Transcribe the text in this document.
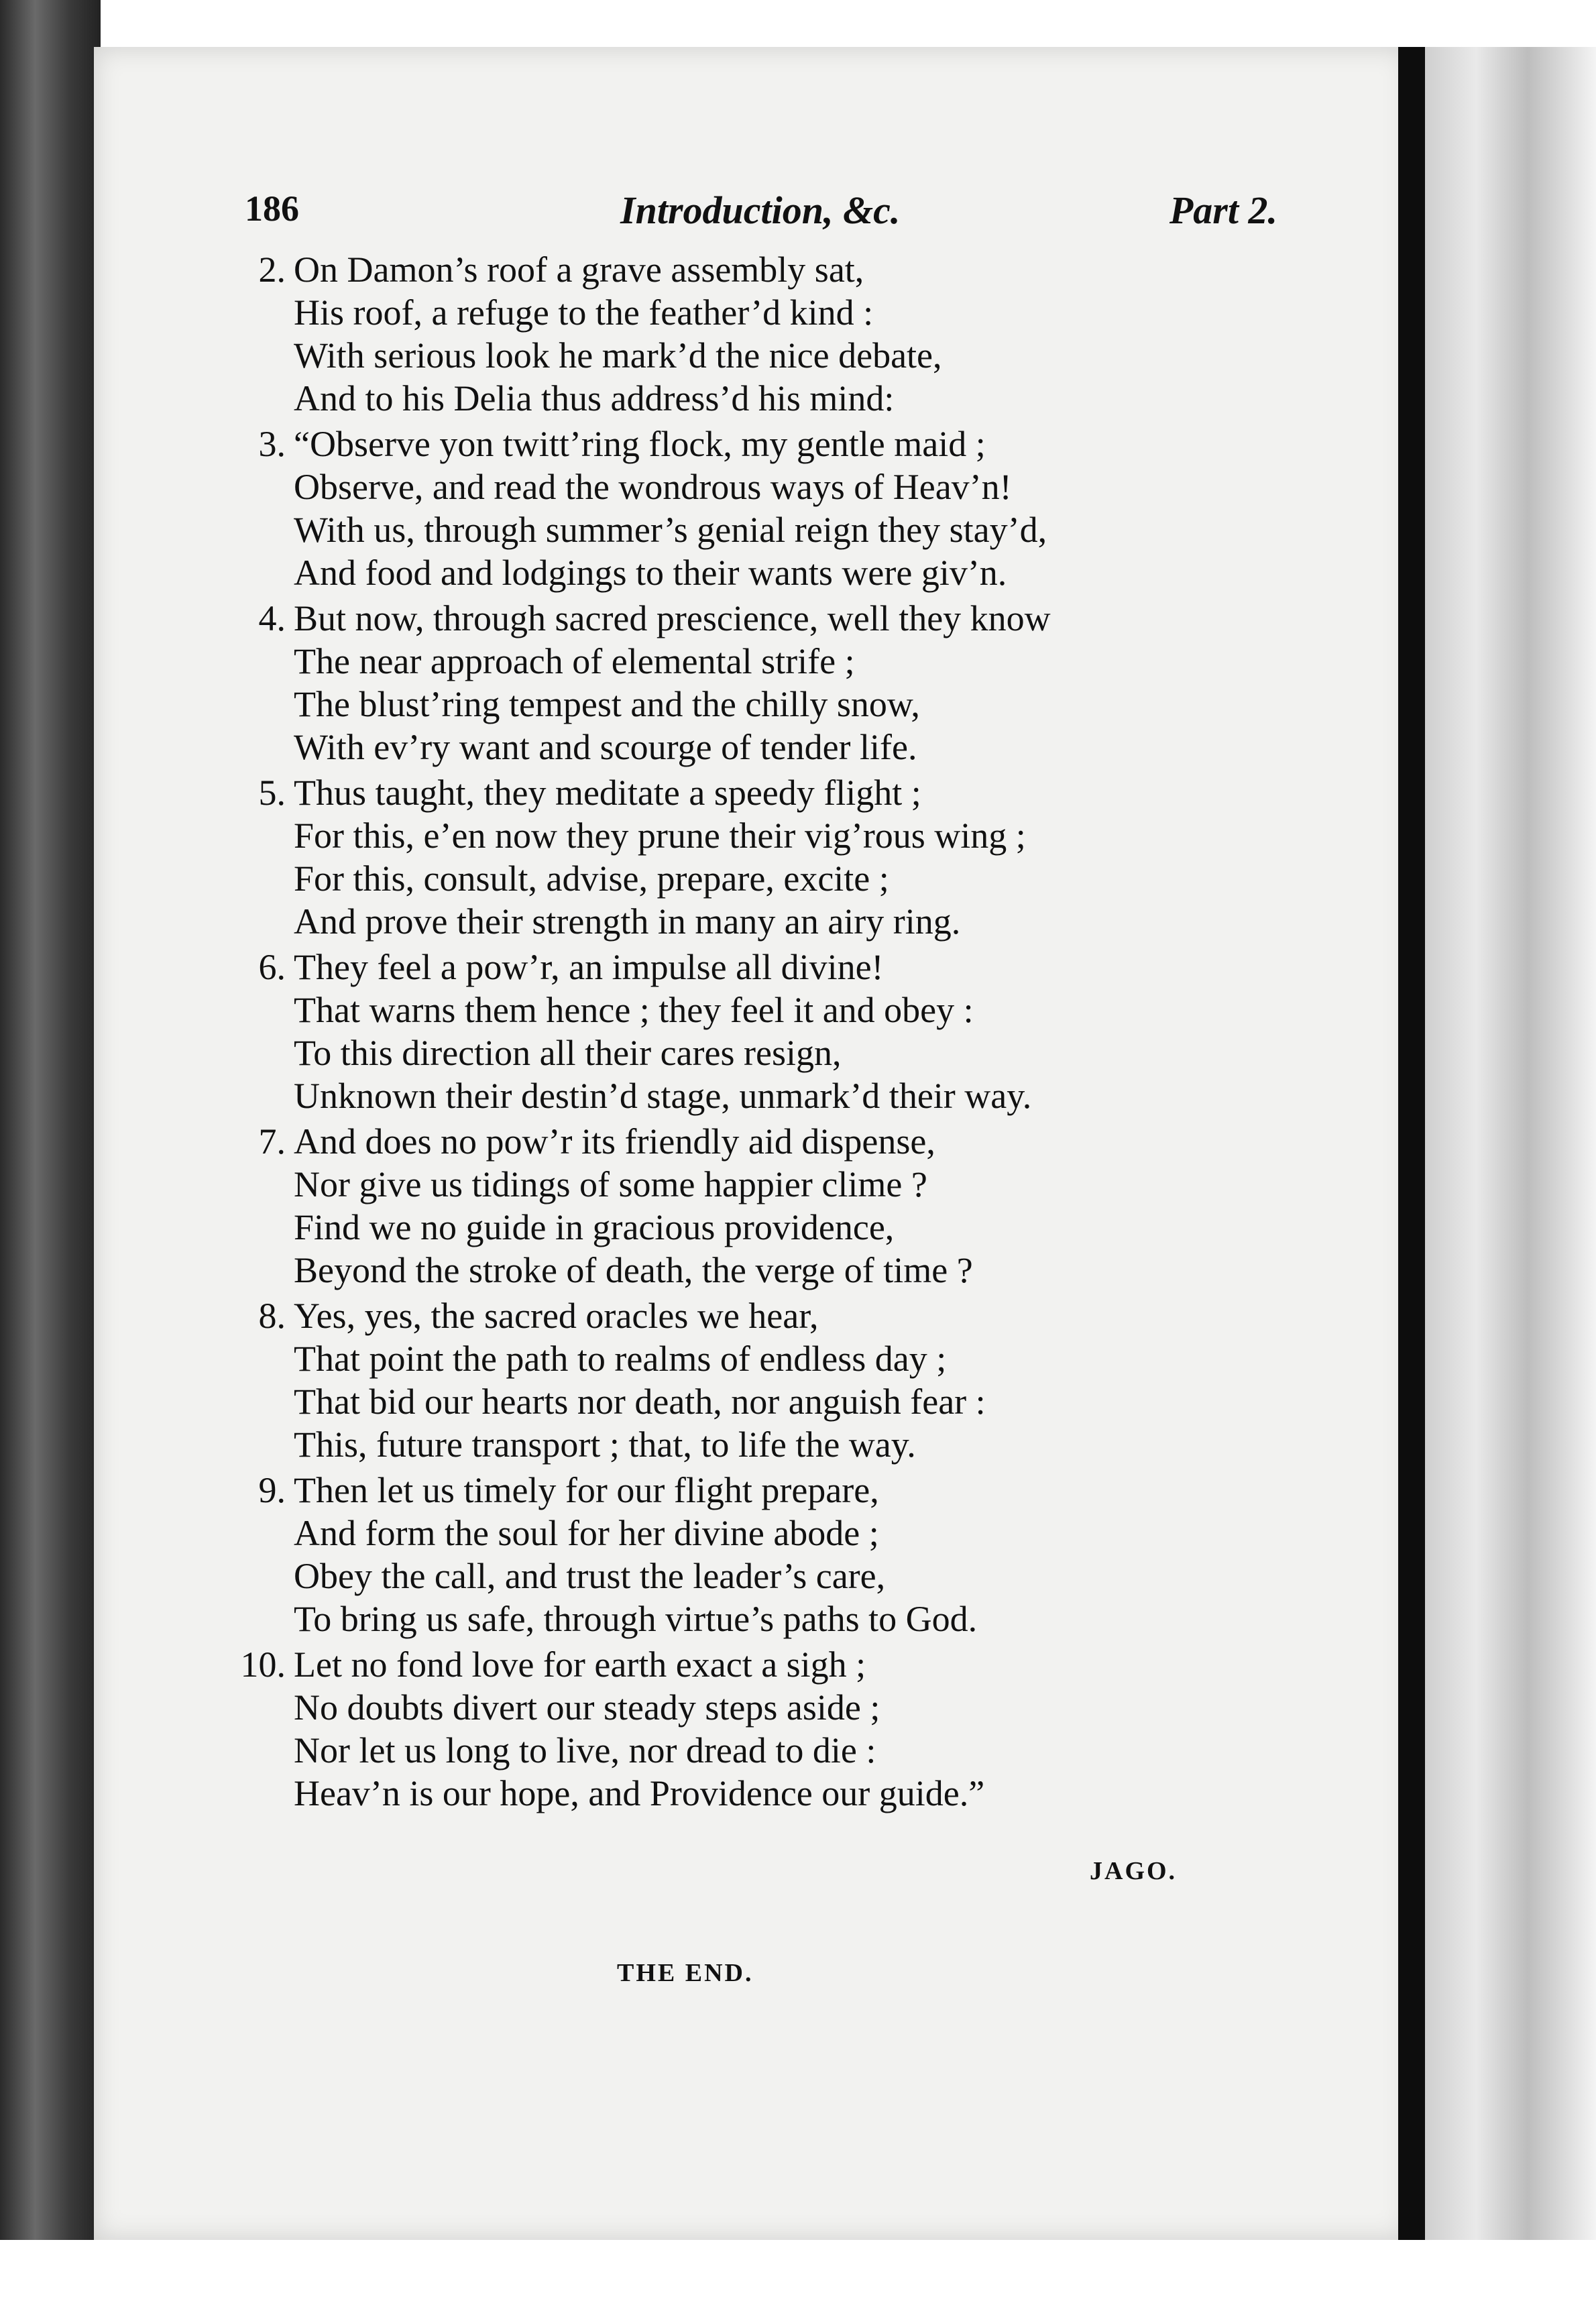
186	Introduction, &c.	Part 2.
2. On Damon’s roof a grave assembly sat,
His roof, a refuge to the feather’d kind :
With serious look he mark’d the nice debate,
And to his Delia thus address’d his mind:
3. “Observe yon twitt’ring flock, my gentle maid ;
Observe, and read the wondrous ways of Heav’n!
With us, through summer’s genial reign they stay’d,
And food and lodgings to their wants were giv’n.
4. But now, through sacred prescience, well they know
The near approach of elemental strife ;
The blust’ring tempest and the chilly snow,
With ev’ry want and scourge of tender life.
5. Thus taught, they meditate a speedy flight ;
For this, e’en now they prune their vig’rous wing ;
For this, consult, advise, prepare, excite ;
And prove their strength in many an airy ring.
6. They feel a pow’r, an impulse all divine!
That warns them hence ; they feel it and obey :
To this direction all their cares resign,
Unknown their destin’d stage, unmark’d their way.
7. And does no pow’r its friendly aid dispense,
Nor give us tidings of some happier clime ?
Find we no guide in gracious providence,
Beyond the stroke of death, the verge of time ?
8. Yes, yes, the sacred oracles we hear,
That point the path to realms of endless day ;
That bid our hearts nor death, nor anguish fear :
This, future transport ; that, to life the way.
9. Then let us timely for our flight prepare,
And form the soul for her divine abode ;
Obey the call, and trust the leader’s care,
To bring us safe, through virtue’s paths to God.
10. Let no fond love for earth exact a sigh ;
No doubts divert our steady steps aside ;
Nor let us long to live, nor dread to die :
Heav’n is our hope, and Providence our guide.”
JAGO.
THE END.
